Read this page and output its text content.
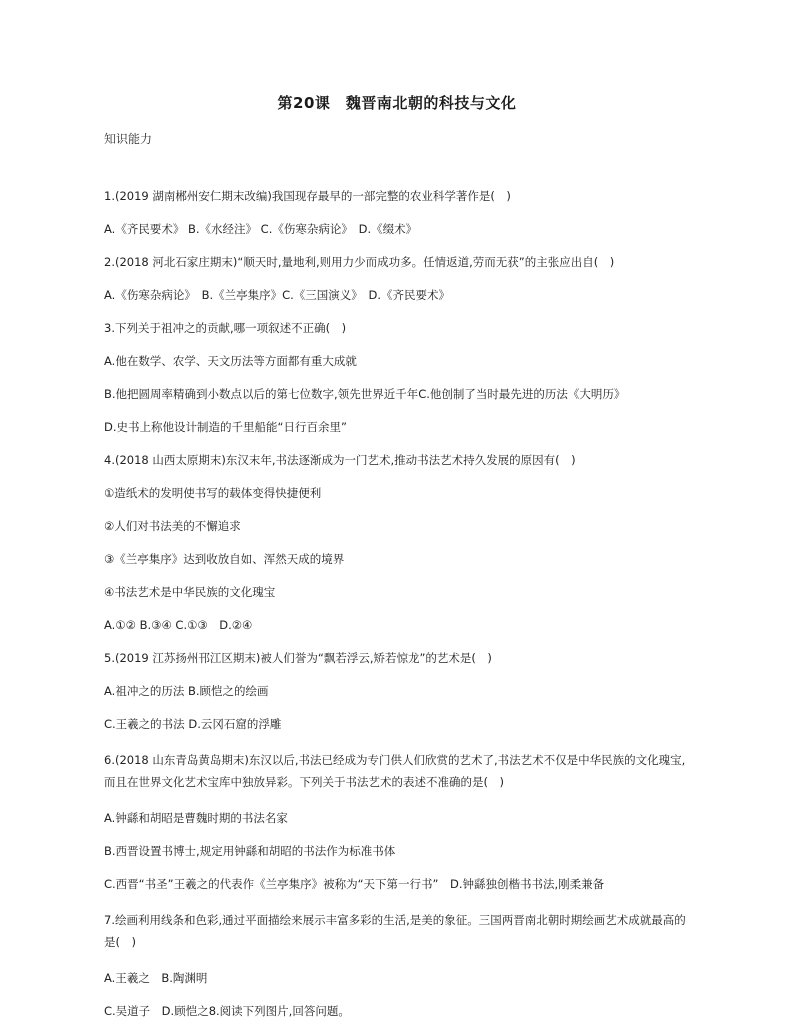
第20课　魏晋南北朝的科技与文化
知识能力
1.(2019 湖南郴州安仁期末改编)我国现存最早的一部完整的农业科学著作是(　)
A.《齐民要术》 B.《水经注》 C.《伤寒杂病论》　D.《缀术》
2.(2018 河北石家庄期末)“顺天时,量地利,则用力少而成功多。任情返道,劳而无获”的主张应出自(　)
A.《伤寒杂病论》　B.《兰亭集序》C.《三国演义》　D.《齐民要术》
3.下列关于祖冲之的贡献,哪一项叙述不正确(　)
A.他在数学、农学、天文历法等方面都有重大成就
B.他把圆周率精确到小数点以后的第七位数字,领先世界近千年C.他创制了当时最先进的历法《大明历》
D.史书上称他设计制造的千里船能“日行百余里”
4.(2018 山西太原期末)东汉末年,书法逐渐成为一门艺术,推动书法艺术持久发展的原因有(　)
①造纸术的发明使书写的载体变得快捷便利
②人们对书法美的不懈追求
③《兰亭集序》达到收放自如、浑然天成的境界
④书法艺术是中华民族的文化瑰宝
A.①② B.③④ C.①③　D.②④
5.(2019 江苏扬州邗江区期末)被人们誉为“飘若浮云,矫若惊龙”的艺术是(　)
A.祖冲之的历法 B.顾恺之的绘画
C.王羲之的书法 D.云冈石窟的浮雕
6.(2018 山东青岛黄岛期末)东汉以后,书法已经成为专门供人们欣赏的艺术了,书法艺术不仅是中华民族的文化瑰宝,而且在世界文化艺术宝库中独放异彩。下列关于书法艺术的表述不准确的是(　)
A.钟繇和胡昭是曹魏时期的书法名家
B.西晋设置书博士,规定用钟繇和胡昭的书法作为标准书体
C.西晋“书圣”王羲之的代表作《兰亭集序》被称为“天下第一行书”　D.钟繇独创楷书书法,刚柔兼备
7.绘画利用线条和色彩,通过平面描绘来展示丰富多彩的生活,是美的象征。三国两晋南北朝时期绘画艺术成就最高的是(　)
A.王羲之　B.陶渊明
C.吴道子　D.顾恺之8.阅读下列图片,回答问题。
